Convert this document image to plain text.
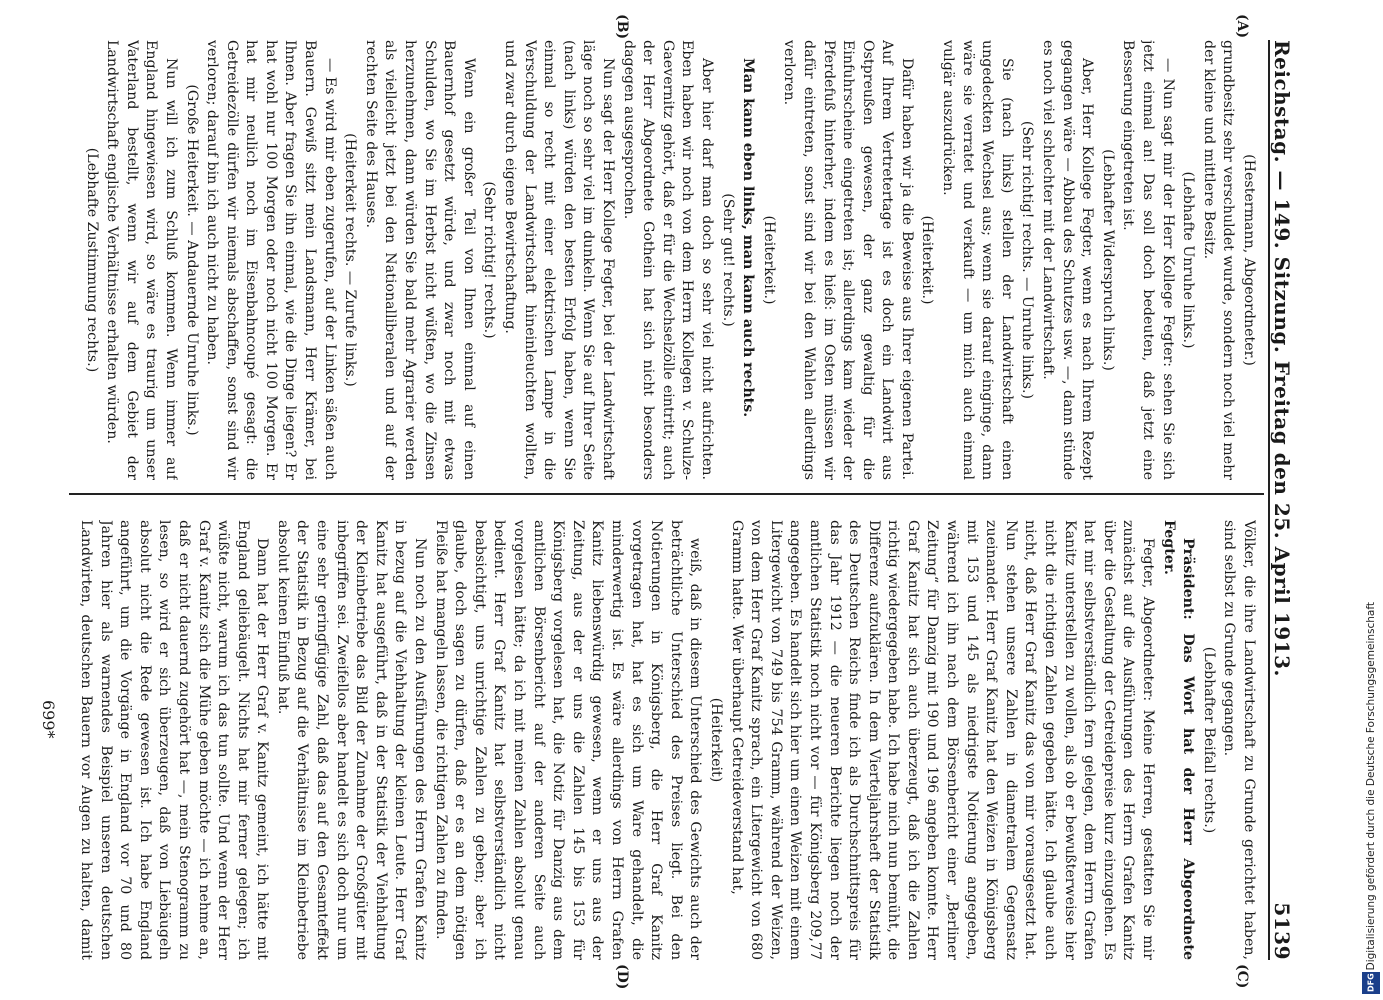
Reichstag. — 149. Sitzung. Freitag den 25. April 1913.
5139
(A)
(B)
(C)
(D)

(Hestermann, Abgeordneter.)

grundbesitz sehr verschuldet wurde, sondern noch viel mehr der kleine und mittlere Besitz.

(Lebhafte Unruhe links.)

— Nun sagt mir der Herr Kollege Fegter: sehen Sie sich jetzt einmal an! Das soll doch bedeuten, daß jetzt eine Besserung eingetreten ist.

(Lebhafter Widerspruch links.)

Aber, Herr Kollege Fegter, wenn es nach Ihrem Rezept gegangen wäre — Abbau des Schutzes usw. —, dann stünde es noch viel schlechter mit der Landwirtschaft.

(Sehr richtig! rechts. — Unruhe links.)

Sie (nach links) stellen der Landwirtschaft einen ungedeckten Wechsel aus; wenn sie darauf einginge, dann wäre sie verratet und verkauft — um mich auch einmal vulgär auszudrücken.

(Heiterkeit.)

Dafür haben wir ja die Beweise aus Ihrer eigenen Partei. Auf Ihrem Vertretertage ist es doch ein Landwirt aus Ostpreußen gewesen, der ganz gewaltig für die Einfuhrscheine eingetreten ist; allerdings kam wieder der Pferdefuß hinterher, indem es hieß: im Osten müssen wir dafür eintreten, sonst sind wir bei den Wahlen allerdings verloren.

(Heiterkeit.)

Man kann eben links, man kann auch rechts.

(Sehr gut! rechts.)

Aber hier darf man doch so sehr viel nicht aufrichten. Eben haben wir noch von dem Herrn Kollegen v. Schulze-Gaevernitz gehört, daß er für die Wechselzölle eintritt; auch der Herr Abgeordnete Gothein hat sich nicht besonders dagegen ausgesprochen.

Nun sagt der Herr Kollege Fegter, bei der Landwirtschaft läge noch so sehr viel im dunkeln. Wenn Sie auf Ihrer Seite (nach links) würden den besten Erfolg haben, wenn Sie einmal so recht mit einer elektrischen Lampe in die Verschuldung der Landwirtschaft hineinleuchten wollten, und zwar durch eigene Bewirtschaftung.

(Sehr richtig! rechts.)

Wenn ein großer Teil von Ihnen einmal auf einen Bauernhof gesetzt würde, und zwar noch mit etwas Schulden, wo Sie im Herbst nicht wüßten, wo die Zinsen herzunehmen, dann würden Sie bald mehr Agrarier werden als vielleicht jetzt bei den Nationalliberalen und auf der rechten Seite des Hauses.

(Heiterkeit rechts. — Zurufe links.)

— Es wird mir eben zugerufen, auf der Linken säßen auch Bauern. Gewiß sitzt mein Landsmann, Herr Krämer, bei Ihnen. Aber fragen Sie ihn einmal, wie die Dinge liegen? Er hat wohl nur 100 Morgen oder noch nicht 100 Morgen. Er hat mir neulich noch im Eisenbahncoupé gesagt: die Getreidezölle dürfen wir niemals abschaffen, sonst sind wir verloren; darauf bin ich auch nicht zu haben.

(Große Heiterkeit. — Andauernde Unruhe links.)

Nun will ich zum Schluß kommen. Wenn immer auf England hingewiesen wird, so wäre es traurig um unser Vaterland bestellt, wenn wir auf dem Gebiet der Landwirtschaft englische Verhältnisse erhalten würden.

(Lebhafte Zustimmung rechts.)

Völker, die ihre Landwirtschaft zu Grunde gerichtet haben, sind selbst zu Grunde gegangen.

(Lebhafter Beifall rechts.)

Präsident: Das Wort hat der Herr Abgeordnete Fegter.

Fegter, Abgeordneter: Meine Herren, gestatten Sie mir zunächst auf die Ausführungen des Herrn Grafen Kanitz über die Gestaltung der Getreidepreise kurz einzugehen. Es hat mir selbstverständlich fern gelegen, dem Herrn Grafen Kanitz unterstellen zu wollen, als ob er bewußterweise hier nicht die richtigen Zahlen gegeben hätte. Ich glaube auch nicht, daß Herr Graf Kanitz das von mir vorausgesetzt hat. Nun stehen unsere Zahlen in diametralem Gegensatz zueinander. Herr Graf Kanitz hat den Weizen in Königsberg mit 153 und 145 als niedrigste Notierung angegeben, während ich ihn nach dem Börsenbericht einer „Berliner Zeitung“ für Danzig mit 190 und 196 angeben konnte. Herr Graf Kanitz hat sich auch überzeugt, daß ich die Zahlen richtig wiedergegeben habe. Ich habe mich nun bemüht, die Differenz aufzuklären. In dem Vierteljahrsheft der Statistik des Deutschen Reichs finde ich als Durchschnittspreis für das Jahr 1912 — die neueren Berichte liegen noch der amtlichen Statistik noch nicht vor — für Königsberg 209,77 angegeben. Es handelt sich hier um einen Weizen mit einem Litergewicht von 749 bis 754 Gramm, während der Weizen, von dem Herr Graf Kanitz sprach, ein Litergewicht von 680 Gramm hatte. Wer überhaupt Getreideverstand hat,

(Heiterkeit)

weiß, daß in diesem Unterschied des Gewichts auch der beträchtliche Unterschied des Preises liegt. Bei den Notierungen in Königsberg, die Herr Graf Kanitz vorgetragen hat, hat es sich um Ware gehandelt, die minderwertig ist. Es wäre allerdings von Herrn Grafen Kanitz liebenswürdig gewesen, wenn er uns aus der Zeitung, aus der er uns die Zahlen 145 bis 153 für Königsberg vorgelesen hat, die Notiz für Danzig aus dem amtlichen Börsenbericht auf der anderen Seite auch vorgelesen hätte; da ich mit meinen Zahlen absolut genau bedient. Herr Graf Kanitz hat selbstverständlich nicht beabsichtigt, uns unrichtige Zahlen zu geben; aber ich glaube, doch sagen zu dürfen, daß er es an dem nötigen Fleiße hat mangeln lassen, die richtigen Zahlen zu finden.

Nun noch zu den Ausführungen des Herrn Grafen Kanitz in bezug auf die Viehhaltung der kleinen Leute. Herr Graf Kanitz hat ausgeführt, daß in der Statistik der Viehhaltung der Kleinbetriebe das Bild der Zunahme der Großgüter mit inbegriffen sei. Zweifellos aber handelt es sich doch nur um eine sehr geringfügige Zahl, daß das auf den Gesamteffekt der Statistik in Bezug auf die Verhältnisse im Kleinbetriebe absolut keinen Einfluß hat.

Dann hat der Herr Graf v. Kanitz gemeint, ich hätte mit England geliebäugelt. Nichts hat mir ferner gelegen; ich wüßte nicht, warum ich das tun sollte. Und wenn der Herr Graf v. Kanitz sich die Mühe geben möchte — ich nehme an, daß er nicht dauernd zugehört hat —, mein Stenogramm zu lesen, so wird er sich überzeugen, daß von Liebäugeln absolut nicht die Rede gewesen ist. Ich habe England angeführt, um die Vorgänge in England vor 70 und 80 Jahren hier als warnendes Beispiel unseren deutschen Landwirten, deutschen Bauern vor Augen zu halten, damit

699*	Digitalisierung gefördert durch die Deutsche Forschungsgemeinschaft
DFG
